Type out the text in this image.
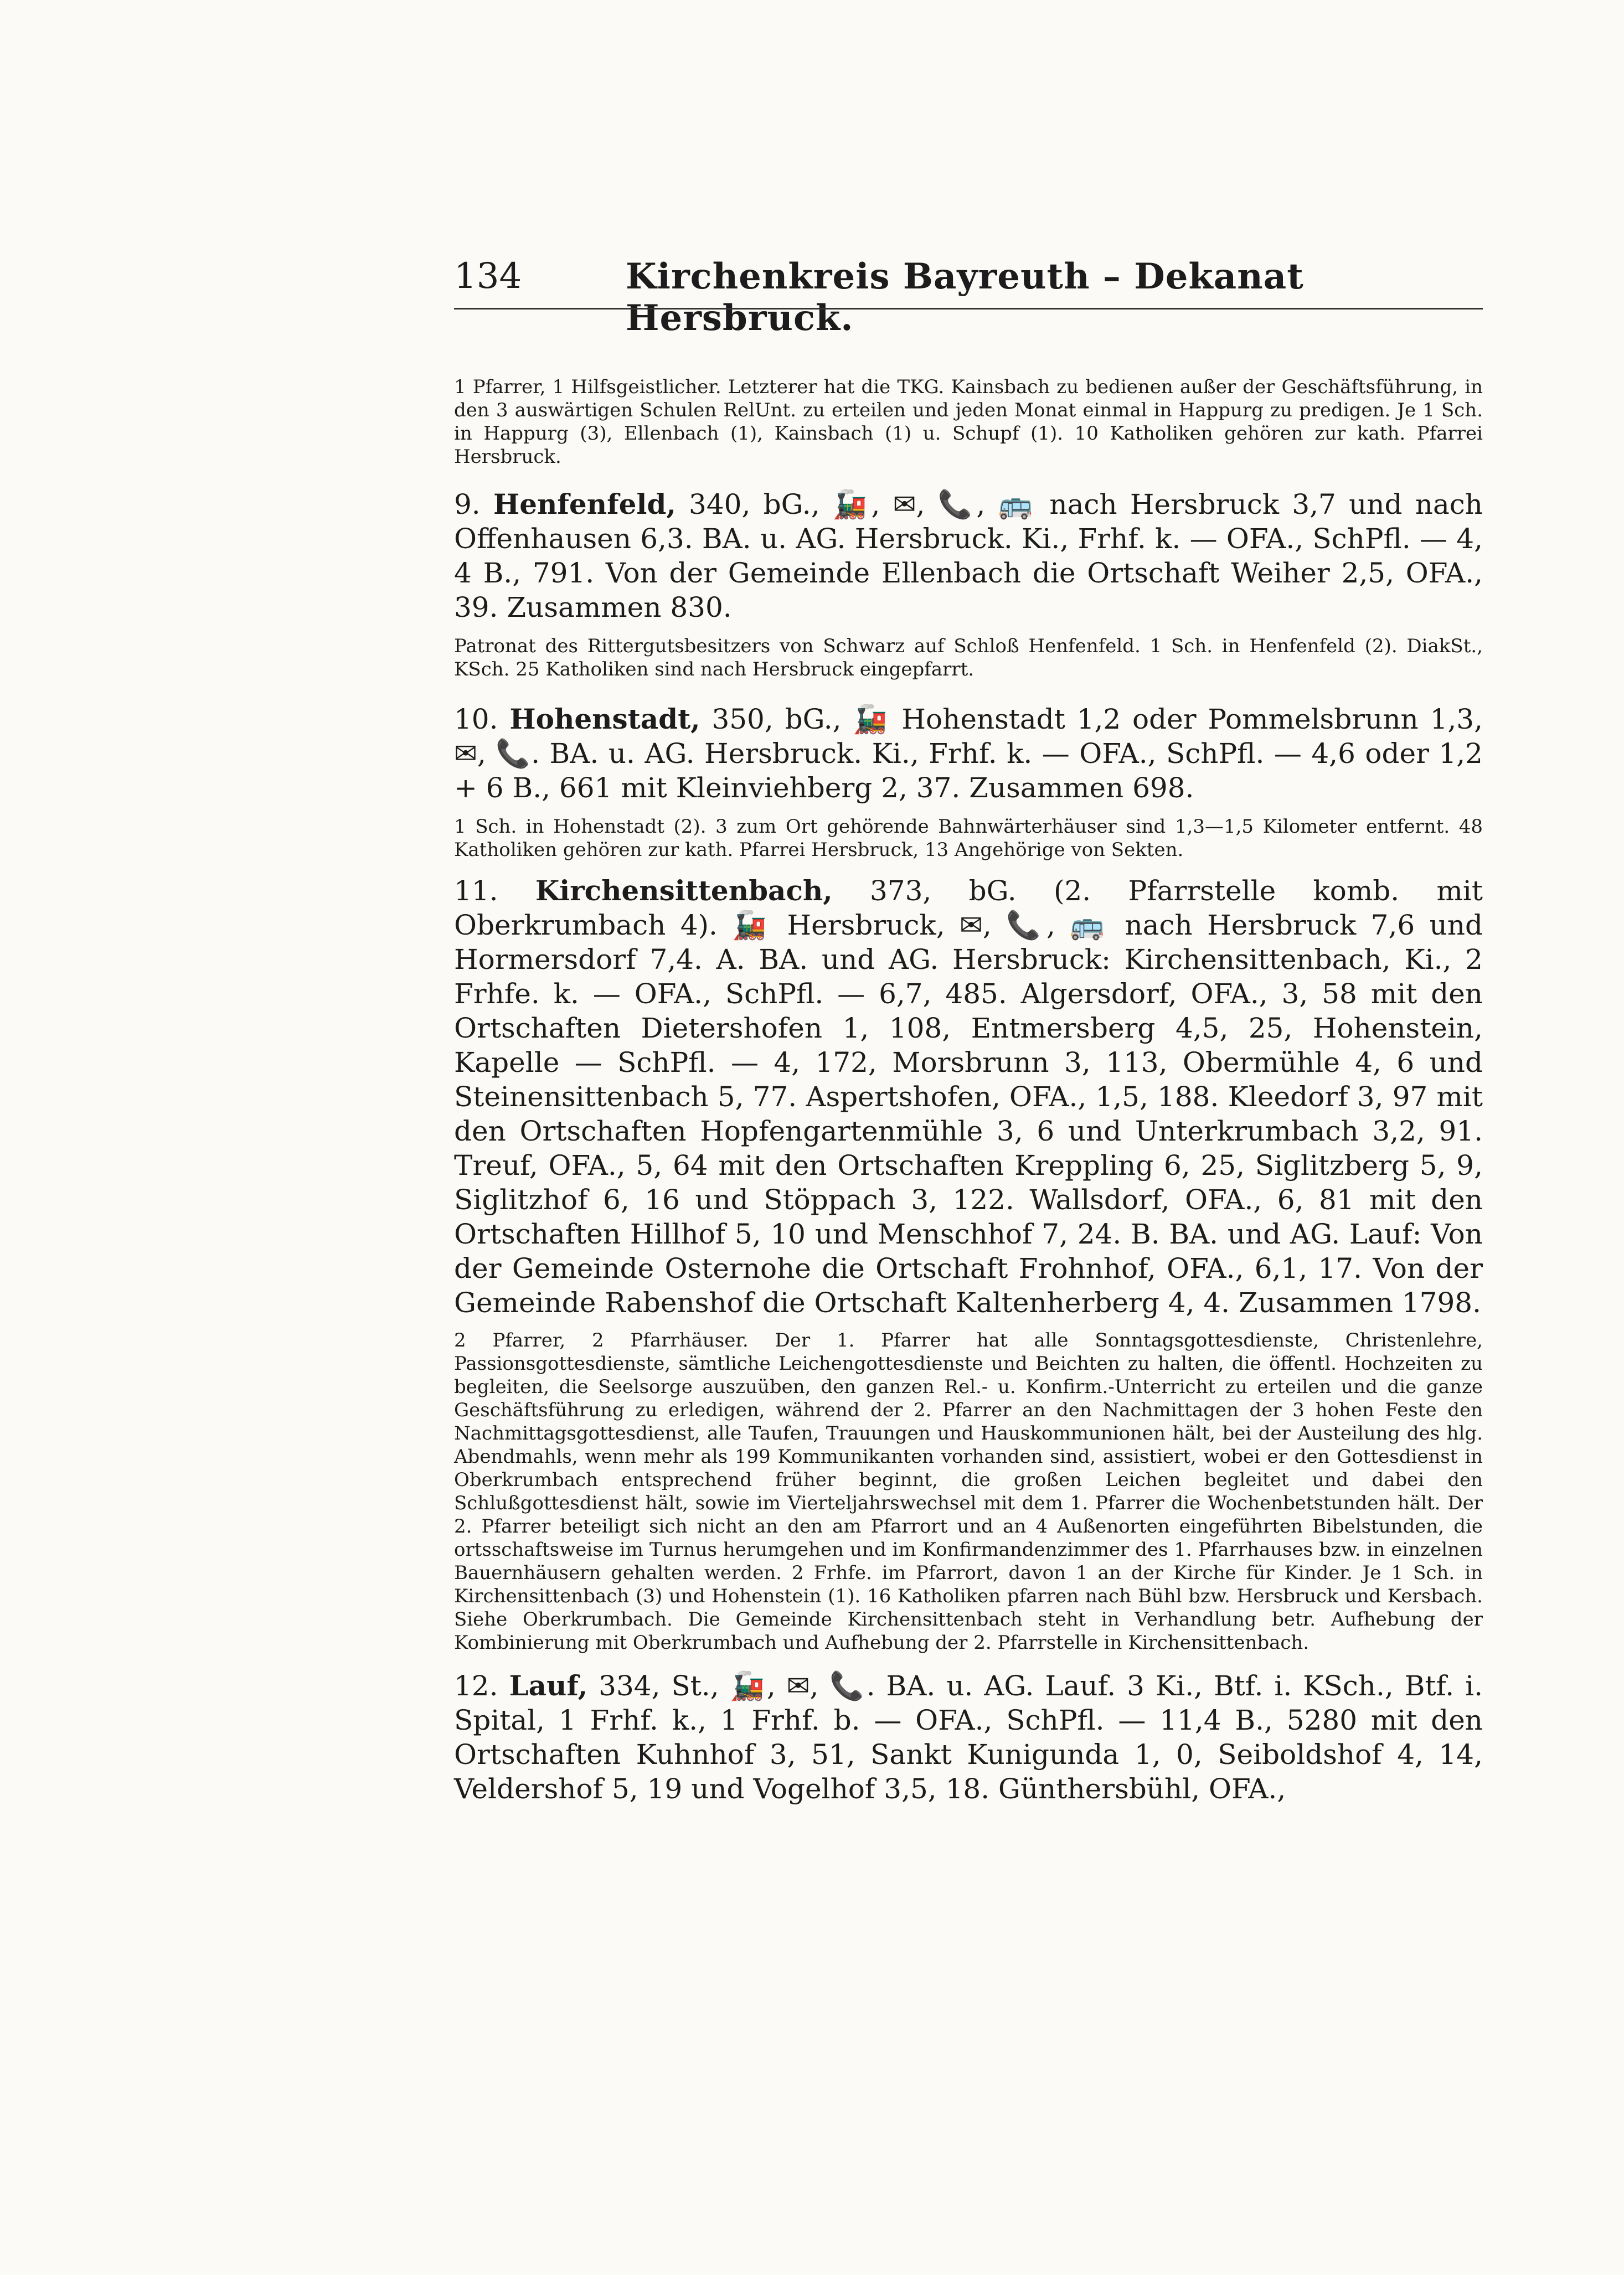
134	Kirchenkreis Bayreuth – Dekanat Hersbruck.

1 Pfarrer, 1 Hilfsgeistlicher. Letzterer hat die TKG. Kainsbach zu bedienen außer der Geschäftsführung, in den 3 auswärtigen Schulen RelUnt. zu erteilen und jeden Monat einmal in Happurg zu predigen. Je 1 Sch. in Happurg (3), Ellenbach (1), Kainsbach (1) u. Schupf (1). 10 Katholiken gehören zur kath. Pfarrei Hersbruck.

9. Henfenfeld, 340, bG., 🚂, ✉, 📞, 🚌 nach Hersbruck 3,7 und nach Offenhausen 6,3. BA. u. AG. Hersbruck. Ki., Frhf. k. — OFA., SchPfl. — 4, 4 B., 791. Von der Gemeinde Ellenbach die Ortschaft Weiher 2,5, OFA., 39. Zusammen 830.

Patronat des Rittergutsbesitzers von Schwarz auf Schloß Henfenfeld. 1 Sch. in Henfenfeld (2). DiakSt., KSch. 25 Katholiken sind nach Hersbruck eingepfarrt.

10. Hohenstadt, 350, bG., 🚂 Hohenstadt 1,2 oder Pommelsbrunn 1,3, ✉, 📞. BA. u. AG. Hersbruck. Ki., Frhf. k. — OFA., SchPfl. — 4,6 oder 1,2 + 6 B., 661 mit Kleinviehberg 2, 37. Zusammen 698.

1 Sch. in Hohenstadt (2). 3 zum Ort gehörende Bahnwärterhäuser sind 1,3—1,5 Kilometer entfernt. 48 Katholiken gehören zur kath. Pfarrei Hersbruck, 13 Angehörige von Sekten.

11. Kirchensittenbach, 373, bG. (2. Pfarrstelle komb. mit Oberkrumbach 4). 🚂 Hersbruck, ✉, 📞, 🚌 nach Hersbruck 7,6 und Hormersdorf 7,4. A. BA. und AG. Hersbruck: Kirchensittenbach, Ki., 2 Frhfe. k. — OFA., SchPfl. — 6,7, 485. Algersdorf, OFA., 3, 58 mit den Ortschaften Dietershofen 1, 108, Entmersberg 4,5, 25, Hohenstein, Kapelle — SchPfl. — 4, 172, Morsbrunn 3, 113, Obermühle 4, 6 und Steinensittenbach 5, 77. Aspertshofen, OFA., 1,5, 188. Kleedorf 3, 97 mit den Ortschaften Hopfengartenmühle 3, 6 und Unterkrumbach 3,2, 91. Treuf, OFA., 5, 64 mit den Ortschaften Kreppling 6, 25, Siglitzberg 5, 9, Siglitzhof 6, 16 und Stöppach 3, 122. Wallsdorf, OFA., 6, 81 mit den Ortschaften Hillhof 5, 10 und Menschhof 7, 24. B. BA. und AG. Lauf: Von der Gemeinde Osternohe die Ortschaft Frohnhof, OFA., 6,1, 17. Von der Gemeinde Rabenshof die Ortschaft Kaltenherberg 4, 4. Zusammen 1798.

2 Pfarrer, 2 Pfarrhäuser. Der 1. Pfarrer hat alle Sonntagsgottesdienste, Christenlehre, Passionsgottesdienste, sämtliche Leichengottesdienste und Beichten zu halten, die öffentl. Hochzeiten zu begleiten, die Seelsorge auszuüben, den ganzen Rel.- u. Konfirm.-Unterricht zu erteilen und die ganze Geschäftsführung zu erledigen, während der 2. Pfarrer an den Nachmittagen der 3 hohen Feste den Nachmittagsgottesdienst, alle Taufen, Trauungen und Hauskommunionen hält, bei der Austeilung des hlg. Abendmahls, wenn mehr als 199 Kommunikanten vorhanden sind, assistiert, wobei er den Gottesdienst in Oberkrumbach entsprechend früher beginnt, die großen Leichen begleitet und dabei den Schlußgottesdienst hält, sowie im Vierteljahrswechsel mit dem 1. Pfarrer die Wochenbetstunden hält. Der 2. Pfarrer beteiligt sich nicht an den am Pfarrort und an 4 Außenorten eingeführten Bibelstunden, die ortsschaftsweise im Turnus herumgehen und im Konfirmandenzimmer des 1. Pfarrhauses bzw. in einzelnen Bauernhäusern gehalten werden. 2 Frhfe. im Pfarrort, davon 1 an der Kirche für Kinder. Je 1 Sch. in Kirchensittenbach (3) und Hohenstein (1). 16 Katholiken pfarren nach Bühl bzw. Hersbruck und Kersbach. Siehe Oberkrumbach. Die Gemeinde Kirchensittenbach steht in Verhandlung betr. Aufhebung der Kombinierung mit Oberkrumbach und Aufhebung der 2. Pfarrstelle in Kirchensittenbach.

12. Lauf, 334, St., 🚂, ✉, 📞. BA. u. AG. Lauf. 3 Ki., Btf. i. KSch., Btf. i. Spital, 1 Frhf. k., 1 Frhf. b. — OFA., SchPfl. — 11,4 B., 5280 mit den Ortschaften Kuhnhof 3, 51, Sankt Kunigunda 1, 0, Seiboldshof 4, 14, Veldershof 5, 19 und Vogelhof 3,5, 18. Günthersbühl, OFA.,
